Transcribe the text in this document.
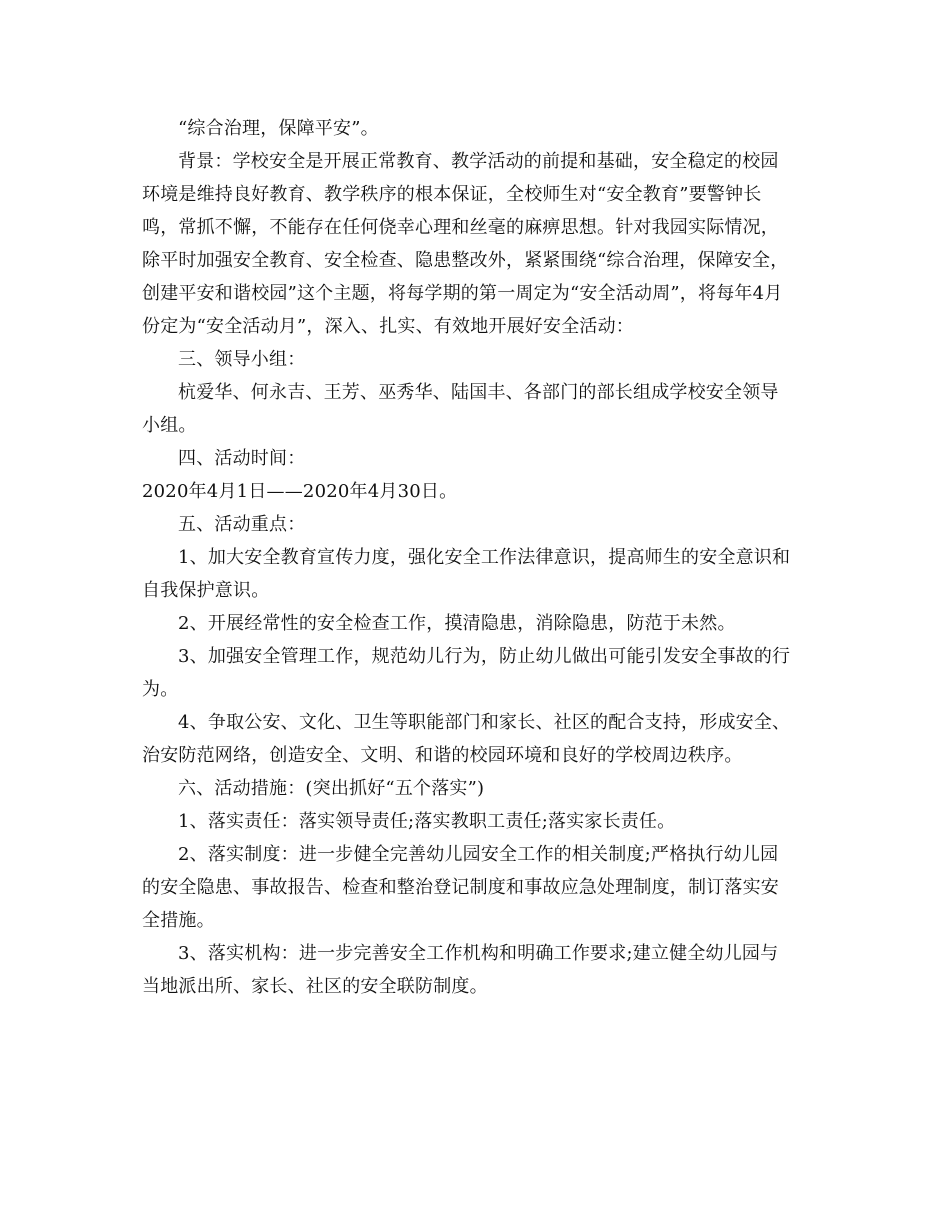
“综合治理，保障平安”。

背景：学校安全是开展正常教育、教学活动的前提和基础，安全稳定的校园

环境是维持良好教育、教学秩序的根本保证，全校师生对“安全教育”要警钟长
鸣，常抓不懈，不能存在任何侥幸心理和丝毫的麻痹思想。针对我园实际情况，
除平时加强安全教育、安全检查、隐患整改外，紧紧围绕“综合治理，保障安全，
创建平安和谐校园”这个主题，将每学期的第一周定为“安全活动周”，将每年4月
份定为“安全活动月”，深入、扎实、有效地开展好安全活动：

三、领导小组：

杭爱华、何永吉、王芳、巫秀华、陆国丰、各部门的部长组成学校安全领导

小组。

四、活动时间：

2020年4月1日——2020年4月30日。

五、活动重点：

1、加大安全教育宣传力度，强化安全工作法律意识，提高师生的安全意识和

自我保护意识。

2、开展经常性的安全检查工作，摸清隐患，消除隐患，防范于未然。

3、加强安全管理工作，规范幼儿行为，防止幼儿做出可能引发安全事故的行

为。

4、争取公安、文化、卫生等职能部门和家长、社区的配合支持，形成安全、

治安防范网络，创造安全、文明、和谐的校园环境和良好的学校周边秩序。

六、活动措施：(突出抓好“五个落实”)

1、落实责任：落实领导责任;落实教职工责任;落实家长责任。

2、落实制度：进一步健全完善幼儿园安全工作的相关制度;严格执行幼儿园

的安全隐患、事故报告、检查和整治登记制度和事故应急处理制度，制订落实安
全措施。

3、落实机构：进一步完善安全工作机构和明确工作要求;建立健全幼儿园与

当地派出所、家长、社区的安全联防制度。
